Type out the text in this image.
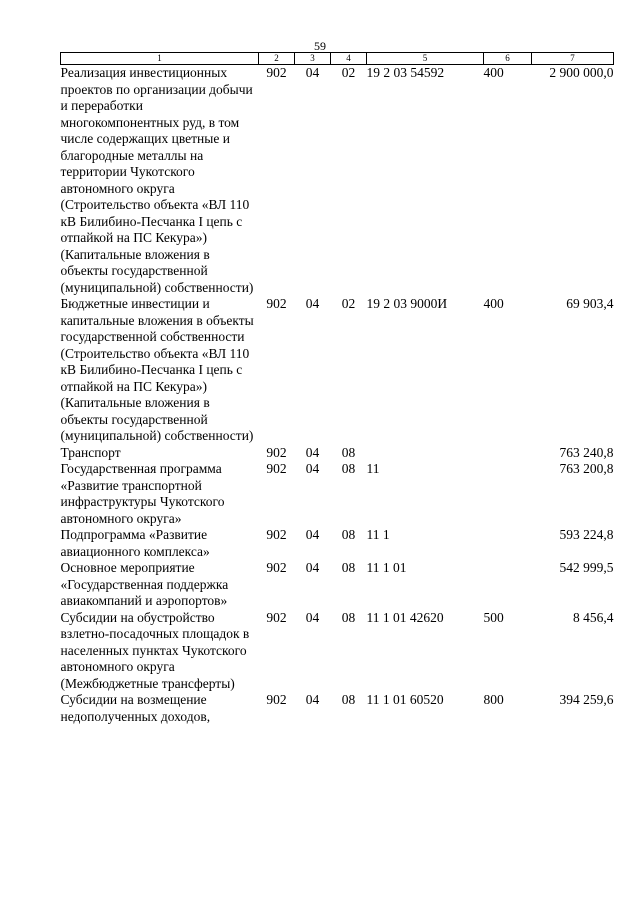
59
1	2	3	4	5	6	7
Реализация инвестиционных проектов по организации добычи и переработки многокомпонентных руд, в том числе содержащих цветные и благородные металлы на территории Чукотского автономного округа (Строительство объекта «ВЛ 110 кВ Билибино-Песчанка I цепь с отпайкой на ПС Кекура») (Капитальные вложения в объекты государственной (муниципальной) собственности)	902	04	02	19 2 03 54592	400	2 900 000,0
Бюджетные инвестиции и капитальные вложения в объекты государственной собственности (Строительство объекта «ВЛ 110 кВ Билибино-Песчанка I цепь с отпайкой на ПС Кекура») (Капитальные вложения в объекты государственной (муниципальной) собственности)	902	04	02	19 2 03 9000И	400	69 903,4
Транспорт	902	04	08			763 240,8
Государственная программа «Развитие транспортной инфраструктуры Чукотского автономного округа»	902	04	08	11		763 200,8
Подпрограмма «Развитие авиационного комплекса»	902	04	08	11 1		593 224,8
Основное мероприятие «Государственная поддержка авиакомпаний и аэропортов»	902	04	08	11 1 01		542 999,5
Субсидии на обустройство взлетно-посадочных площадок в населенных пунктах Чукотского автономного округа (Межбюджетные трансферты)	902	04	08	11 1 01 42620	500	8 456,4
Субсидии на возмещение недополученных доходов,	902	04	08	11 1 01 60520	800	394 259,6
